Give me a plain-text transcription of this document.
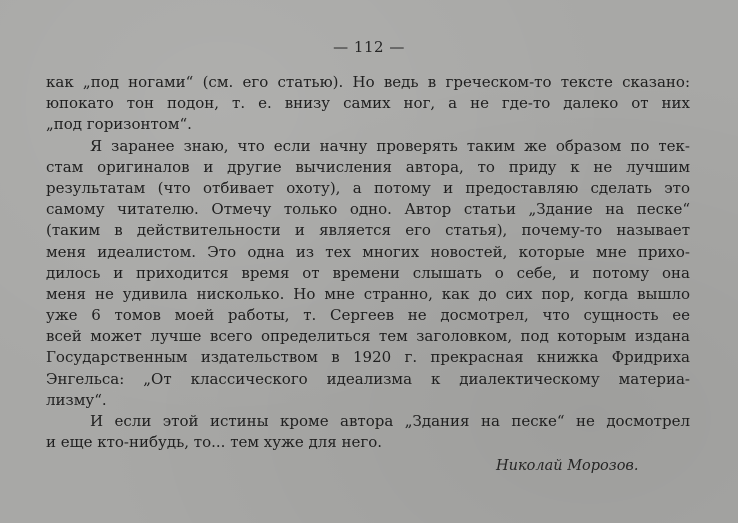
— 112 —
как „под ногами“ (см. его статью). Но ведь в греческом-то тексте сказано:
юпокато тон подон, т. е. внизу самих ног, а не где-то далеко от них
„под горизонтом“.
Я заранее знаю, что если начну проверять таким же образом по тек-
стам оригиналов и другие вычисления автора, то приду к не лучшим
результатам (что отбивает охоту), а потому и предоставляю сделать это
самому читателю. Отмечу только одно. Автор статьи „Здание на песке“
(таким в действительности и является его статья), почему-то называет
меня идеалистом. Это одна из тех многих новостей, которые мне прихо-
дилось и приходится время от времени слышать о себе, и потому она
меня не удивила нисколько. Но мне странно, как до сих пор, когда вышло
уже 6 томов моей работы, т. Сергеев не досмотрел, что сущность ее
всей может лучше всего определиться тем заголовком, под которым издана
Государственным издательством в 1920 г. прекрасная книжка Фридриха
Энгельса: „От классического идеализма к диалектическому материа-
лизму“.
И если этой истины кроме автора „Здания на песке“ не досмотрел
и еще кто-нибудь, то... тем хуже для него.
Николай Морозов.
